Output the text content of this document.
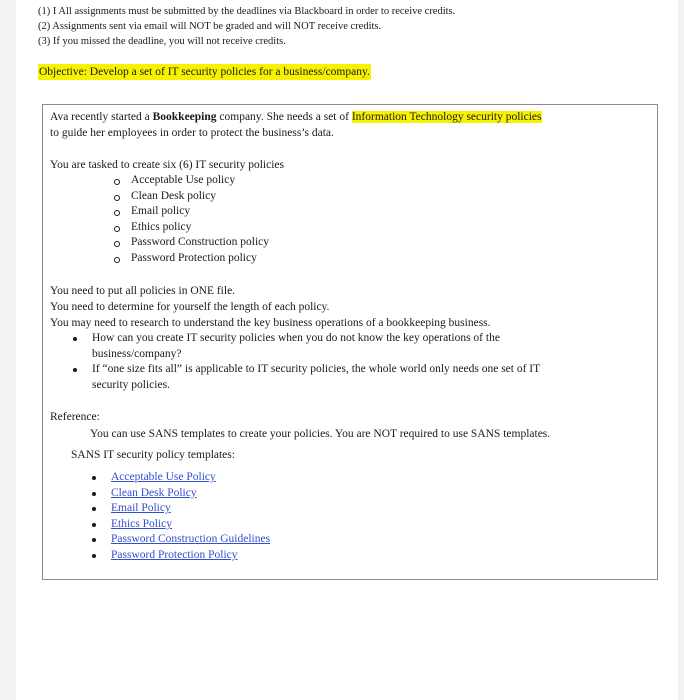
(1) I All assignments must be submitted by the deadlines via Blackboard in order to receive credits.
(2) Assignments sent via email will NOT be graded and will NOT receive credits.
(3) If you missed the deadline, you will not receive credits.
Objective: Develop a set of IT security policies for a business/company.
Ava recently started a Bookkeeping company. She needs a set of Information Technology security policies
to guide her employees in order to protect the business’s data.
You are tasked to create six (6) IT security policies
Acceptable Use policy
Clean Desk policy
Email policy
Ethics policy
Password Construction policy
Password Protection policy
You need to put all policies in ONE file.
You need to determine for yourself the length of each policy.
You may need to research to understand the key business operations of a bookkeeping business.
How can you create IT security policies when you do not know the key operations of the
business/company?
If “one size fits all” is applicable to IT security policies, the whole world only needs one set of IT
security policies.
Reference:
You can use SANS templates to create your policies. You are NOT required to use SANS templates.
SANS IT security policy templates:
Acceptable Use Policy
Clean Desk Policy
Email Policy
Ethics Policy
Password Construction Guidelines
Password Protection Policy
